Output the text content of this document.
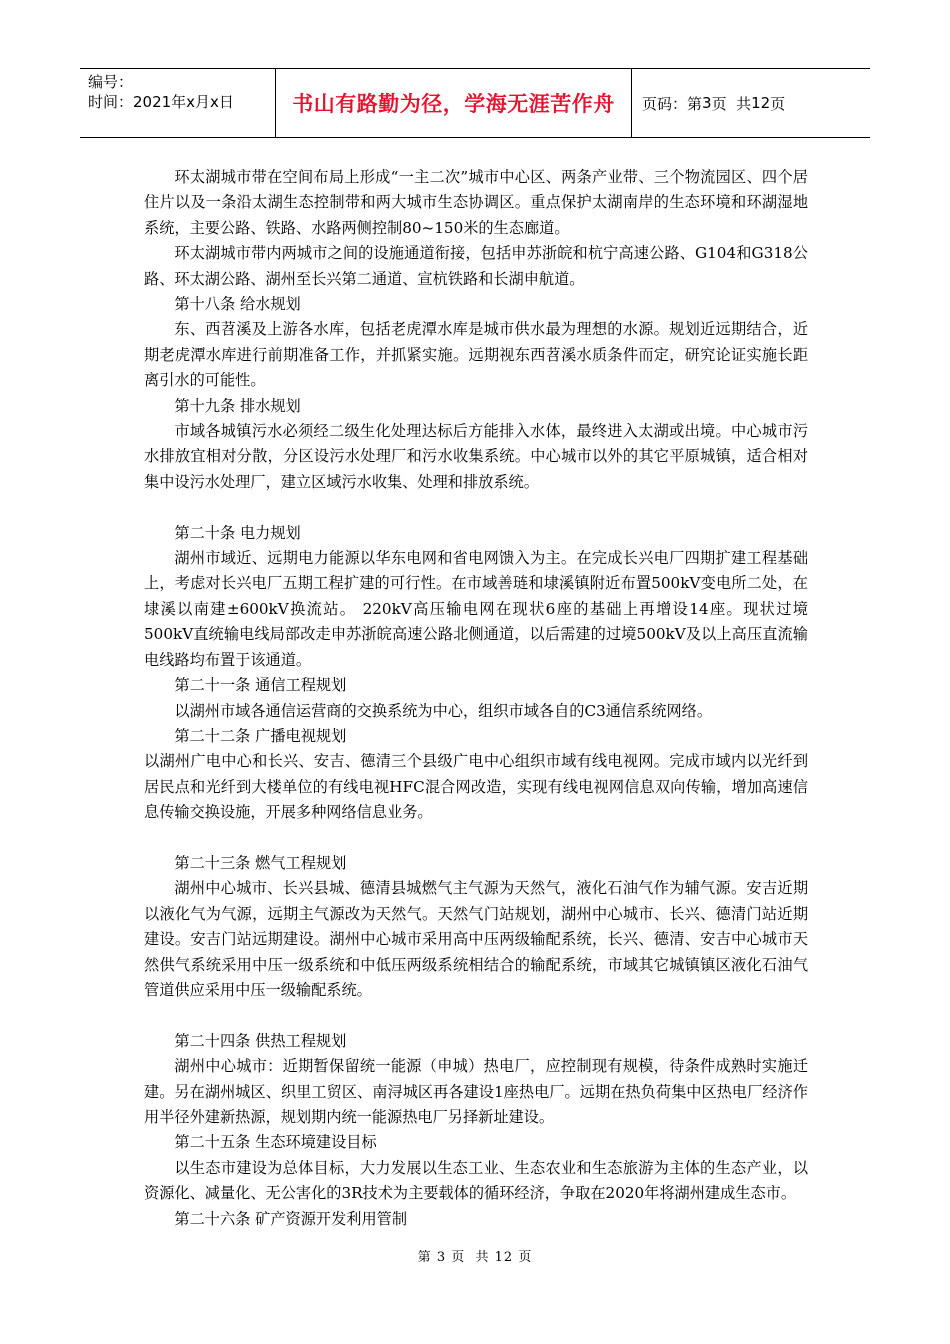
编号：
时间：2021年x月x日	书山有路勤为径，学海无涯苦作舟	页码：第 3 页  共 12 页

环太湖城市带在空间布局上形成“一主二次”城市中心区、两条产业带、三个物流园区、四个居住片以及一条沿太湖生态控制带和两大城市生态协调区。重点保护太湖南岸的生态环境和环湖湿地系统，主要公路、铁路、水路两侧控制80~150米的生态廊道。

环太湖城市带内两城市之间的设施通道衔接，包括申苏浙皖和杭宁高速公路、G104和G318公路、环太湖公路、湖州至长兴第二通道、宣杭铁路和长湖申航道。

第十八条 给水规划

东、西苕溪及上游各水库，包括老虎潭水库是城市供水最为理想的水源。规划近远期结合，近期老虎潭水库进行前期准备工作，并抓紧实施。远期视东西苕溪水质条件而定，研究论证实施长距离引水的可能性。

第十九条 排水规划

市域各城镇污水必须经二级生化处理达标后方能排入水体，最终进入太湖或出境。中心城市污水排放宜相对分散，分区设污水处理厂和污水收集系统。中心城市以外的其它平原城镇，适合相对集中设污水处理厂，建立区域污水收集、处理和排放系统。

第二十条 电力规划

湖州市域近、远期电力能源以华东电网和省电网馈入为主。在完成长兴电厂四期扩建工程基础上，考虑对长兴电厂五期工程扩建的可行性。在市域善琏和埭溪镇附近布置500kV变电所二处，在埭溪以南建±600kV换流站。 220kV高压输电网在现状6座的基础上再增设14座。现状过境500kV直统输电线局部改走申苏浙皖高速公路北侧通道，以后需建的过境500kV及以上高压直流输电线路均布置于该通道。

第二十一条 通信工程规划

以湖州市域各通信运营商的交换系统为中心，组织市域各自的C3通信系统网络。

第二十二条 广播电视规划

以湖州广电中心和长兴、安吉、德清三个县级广电中心组织市域有线电视网。完成市域内以光纤到居民点和光纤到大楼单位的有线电视HFC混合网改造，实现有线电视网信息双向传输，增加高速信息传输交换设施，开展多种网络信息业务。

第二十三条 燃气工程规划

湖州中心城市、长兴县城、德清县城燃气主气源为天然气，液化石油气作为辅气源。安吉近期以液化气为气源，远期主气源改为天然气。天然气门站规划，湖州中心城市、长兴、德清门站近期建设。安吉门站远期建设。湖州中心城市采用高中压两级输配系统，长兴、德清、安吉中心城市天然供气系统采用中压一级系统和中低压两级系统相结合的输配系统，市域其它城镇镇区液化石油气管道供应采用中压一级输配系统。

第二十四条 供热工程规划

湖州中心城市：近期暂保留统一能源（申城）热电厂，应控制现有规模，待条件成熟时实施迁建。另在湖州城区、织里工贸区、南浔城区再各建设1座热电厂。远期在热负荷集中区热电厂经济作用半径外建新热源，规划期内统一能源热电厂另择新址建设。

第二十五条 生态环境建设目标

以生态市建设为总体目标，大力发展以生态工业、生态农业和生态旅游为主体的生态产业，以资源化、减量化、无公害化的3R技术为主要载体的循环经济，争取在2020年将湖州建成生态市。

第二十六条 矿产资源开发利用管制

第 3 页  共 12 页
